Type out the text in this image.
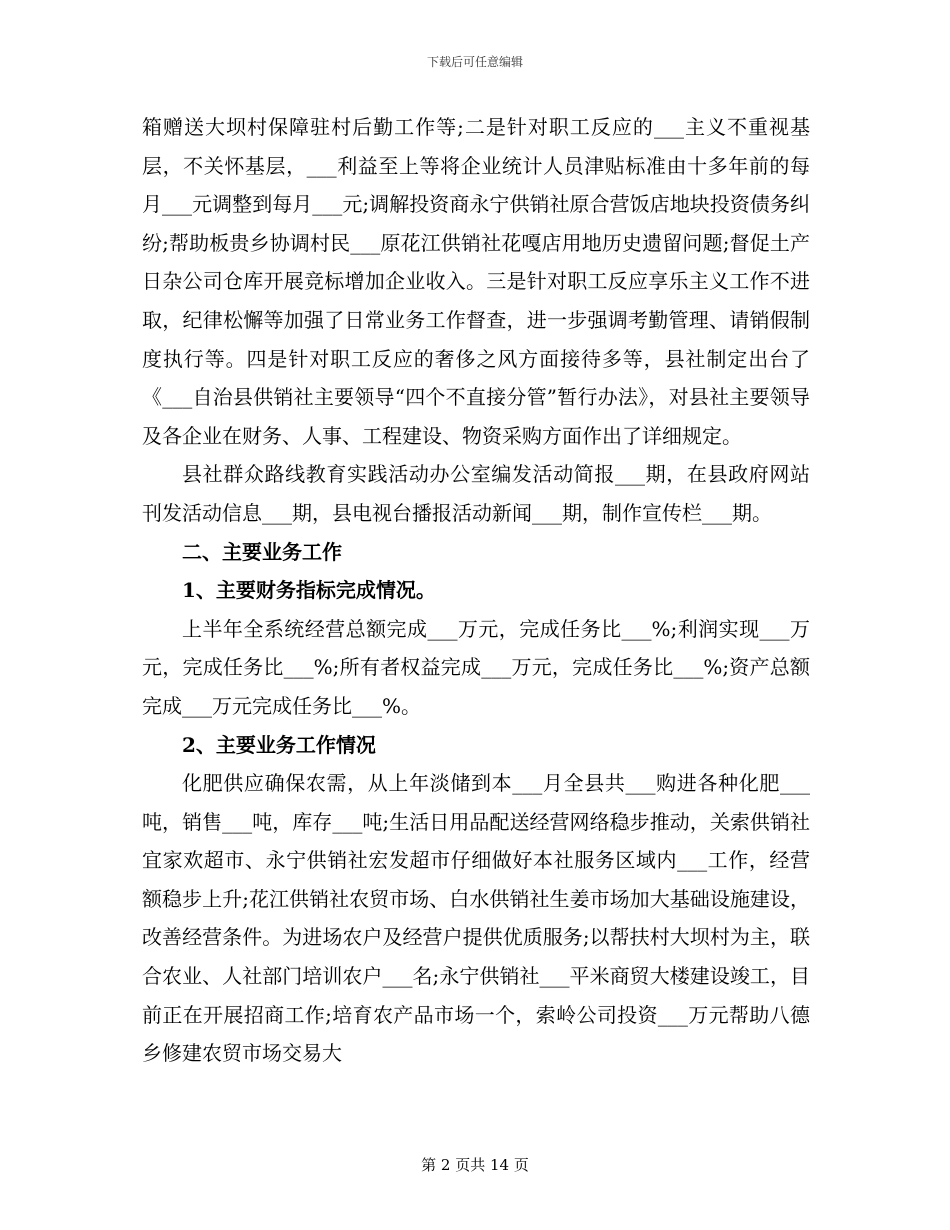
下载后可任意编辑

箱赠送大坝村保障驻村后勤工作等;二是针对职工反应的___主义不重视基层，不关怀基层，___利益至上等将企业统计人员津贴标准由十多年前的每月___元调整到每月___元;调解投资商永宁供销社原合营饭店地块投资债务纠纷;帮助板贵乡协调村民___原花江供销社花嘎店用地历史遗留问题;督促土产日杂公司仓库开展竞标增加企业收入。三是针对职工反应享乐主义工作不进取，纪律松懈等加强了日常业务工作督查，进一步强调考勤管理、请销假制度执行等。四是针对职工反应的奢侈之风方面接待多等，县社制定出台了《___自治县供销社主要领导“四个不直接分管”暂行办法》，对县社主要领导及各企业在财务、人事、工程建设、物资采购方面作出了详细规定。

县社群众路线教育实践活动办公室编发活动简报___期，在县政府网站刊发活动信息___期，县电视台播报活动新闻___期，制作宣传栏___期。

二、主要业务工作

1、主要财务指标完成情况。

上半年全系统经营总额完成___万元，完成任务比___%;利润实现___万元，完成任务比___%;所有者权益完成___万元，完成任务比___%;资产总额完成___万元完成任务比___%。

2、主要业务工作情况

化肥供应确保农需，从上年淡储到本___月全县共___购进各种化肥___吨，销售___吨，库存___吨;生活日用品配送经营网络稳步推动，关索供销社宜家欢超市、永宁供销社宏发超市仔细做好本社服务区域内___工作，经营额稳步上升;花江供销社农贸市场、白水供销社生姜市场加大基础设施建设，改善经营条件。为进场农户及经营户提供优质服务;以帮扶村大坝村为主，联合农业、人社部门培训农户___名;永宁供销社___平米商贸大楼建设竣工，目前正在开展招商工作;培育农产品市场一个，索岭公司投资___万元帮助八德乡修建农贸市场交易大

第 2 页共 14 页
